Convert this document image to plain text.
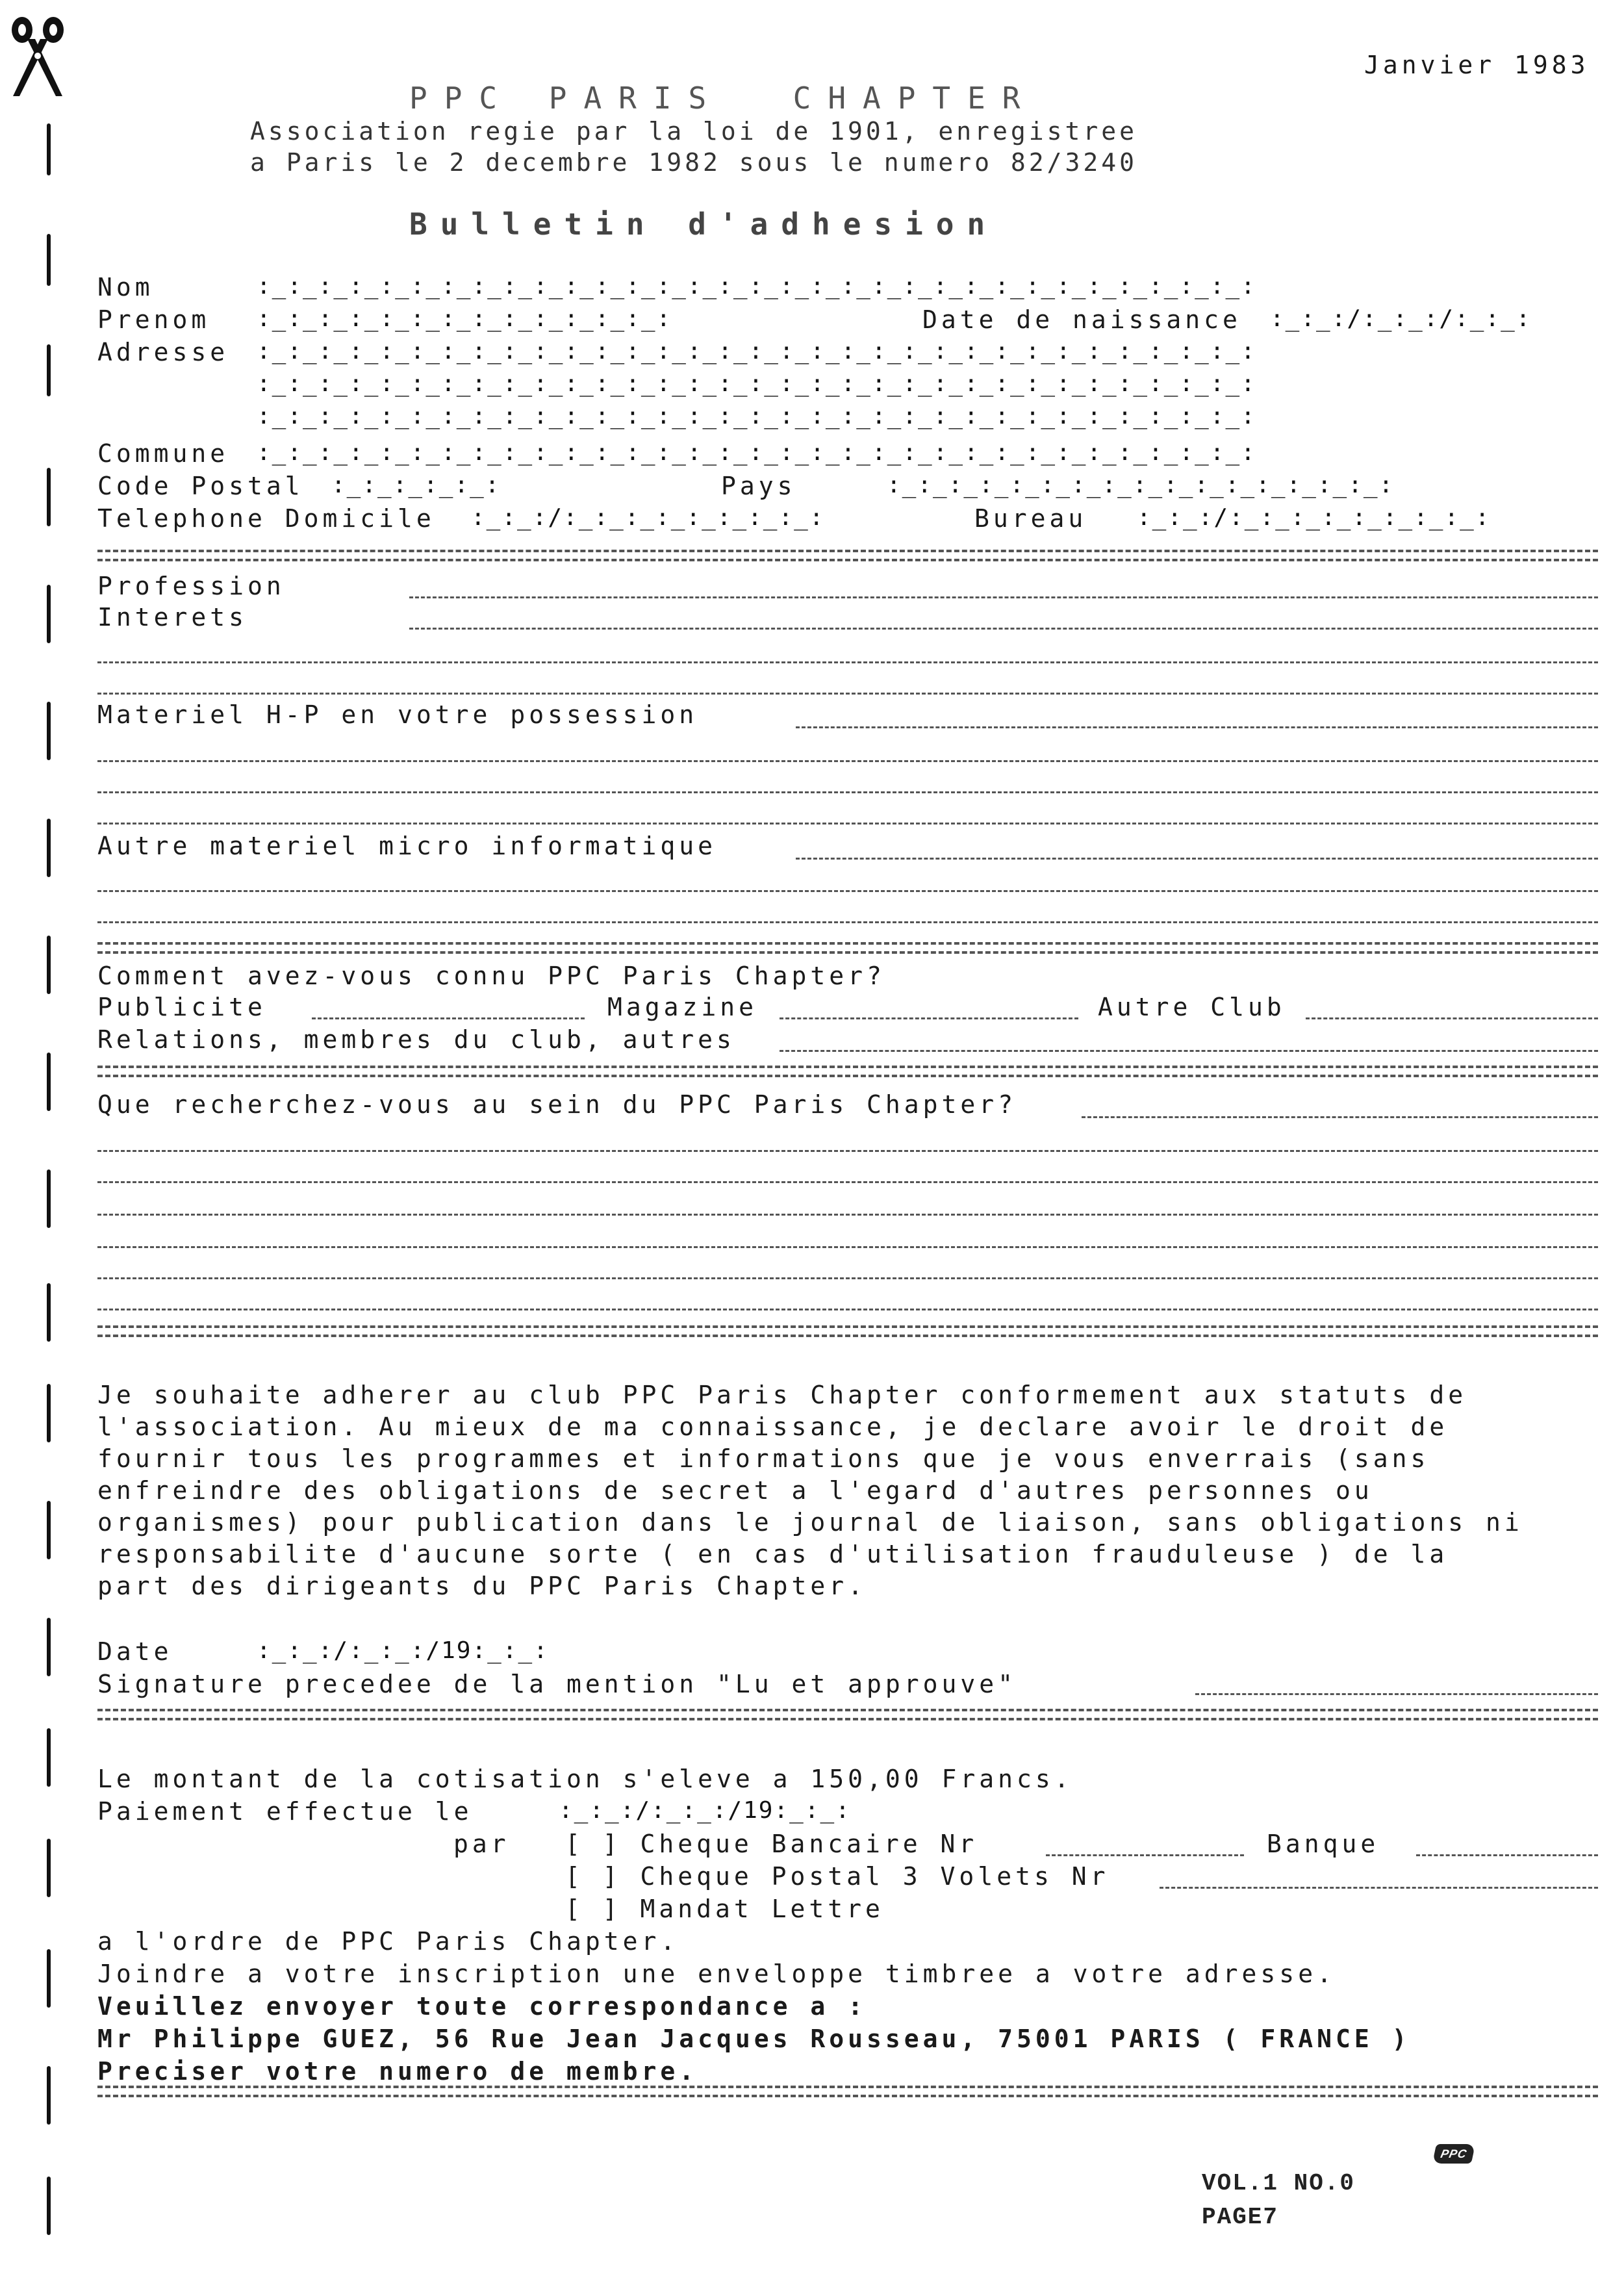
Janvier 1983
PPC PARIS  CHAPTER
Association regie par la loi de 1901, enregistree
a Paris le 2 decembre 1982 sous le numero 82/3240
Bulletin d'adhesion
Nom	:_:_:_:_:_:_:_:_:_:_:_:_:_:_:_:_:_:_:_:_:_:_:_:_:_:_:_:_:_:_:_:_:
Prenom :_:_:_:_:_:_:_:_:_:_:_:_:_:	Date de naissance :_:_:/:_:_:/:_:_:
Adresse :_:_:_:_:_:_:_:_:_:_:_:_:_:_:_:_:_:_:_:_:_:_:_:_:_:_:_:_:_:_:_:_:
:_:_:_:_:_:_:_:_:_:_:_:_:_:_:_:_:_:_:_:_:_:_:_:_:_:_:_:_:_:_:_:_:
:_:_:_:_:_:_:_:_:_:_:_:_:_:_:_:_:_:_:_:_:_:_:_:_:_:_:_:_:_:_:_:_:
Commune :_:_:_:_:_:_:_:_:_:_:_:_:_:_:_:_:_:_:_:_:_:_:_:_:_:_:_:_:_:_:_:_:
Code Postal :_:_:_:_:_:	Pays	:_:_:_:_:_:_:_:_:_:_:_:_:_:_:_:_:
Telephone Domicile :_:_:/:_:_:_:_:_:_:_:_:	Bureau :_:_:/:_:_:_:_:_:_:_:_:
Profession
Interets
Materiel H-P en votre possession
Autre materiel micro informatique
Comment avez-vous connu PPC Paris Chapter?
Publicite	Magazine	Autre Club
Relations, membres du club, autres
Que recherchez-vous au sein du PPC Paris Chapter?
Je souhaite adherer au club PPC Paris Chapter conformement aux statuts de
l'association. Au mieux de ma connaissance, je declare avoir le droit de
fournir tous les programmes et informations que je vous enverrais (sans
enfreindre des obligations de secret a l'egard d'autres personnes ou
organismes) pour publication dans le journal de liaison, sans obligations ni
responsabilite d'aucune sorte ( en cas d'utilisation frauduleuse ) de la
part des dirigeants du PPC Paris Chapter.
Date	:_:_:/:_:_:/19:_:_:
Signature precedee de la mention "Lu et approuve"
Le montant de la cotisation s'eleve a 150,00 Francs.
Paiement effectue le	:_:_:/:_:_:/19:_:_:
par [ ] Cheque Bancaire Nr	Banque
[ ] Cheque Postal 3 Volets Nr
[ ] Mandat Lettre
a l'ordre de PPC Paris Chapter.
Joindre a votre inscription une enveloppe timbree a votre adresse.
Veuillez envoyer toute correspondance a :
Mr Philippe GUEZ, 56 Rue Jean Jacques Rousseau, 75001 PARIS ( FRANCE )
Preciser votre numero de membre.
PPC
VOL.1 NO.0
PAGE7
